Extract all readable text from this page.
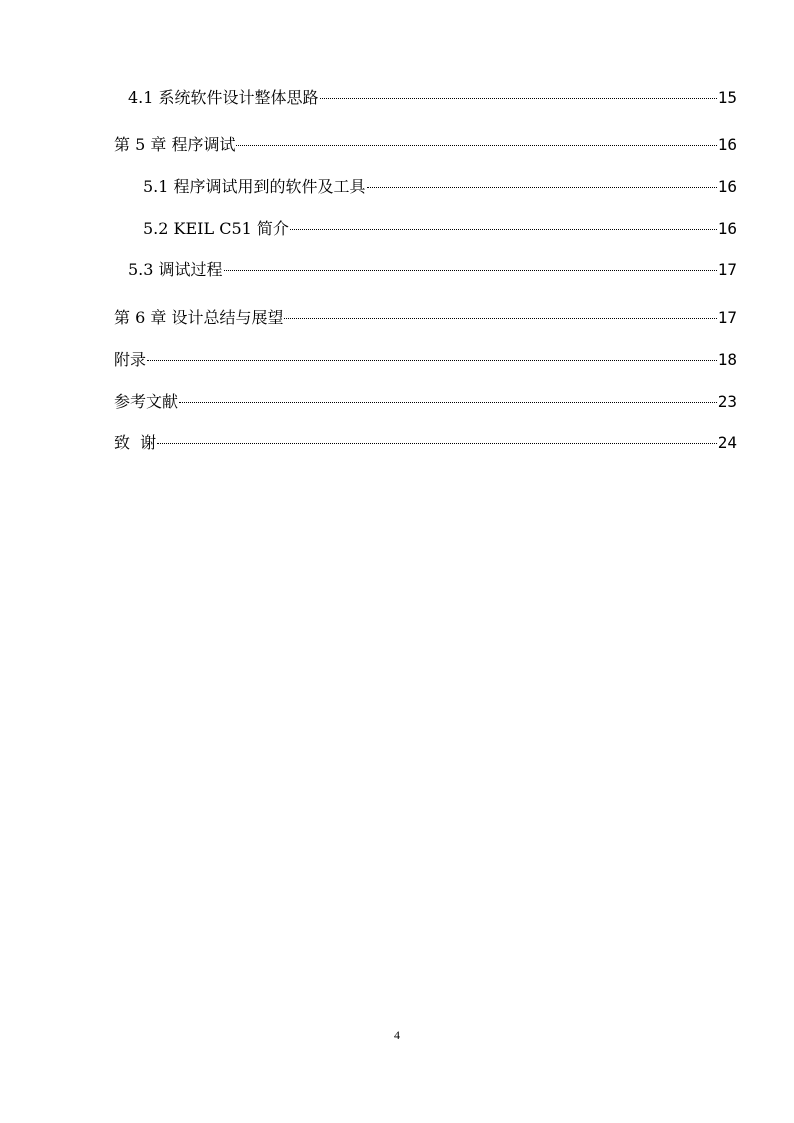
4.1 系统软件设计整体思路	15
第 5 章 程序调试	16
5.1 程序调试用到的软件及工具	16
5.2 KEIL C51 简介	16
5.3 调试过程	17
第 6 章 设计总结与展望	17
附录	18
参考文献	23
致  谢	24
4
